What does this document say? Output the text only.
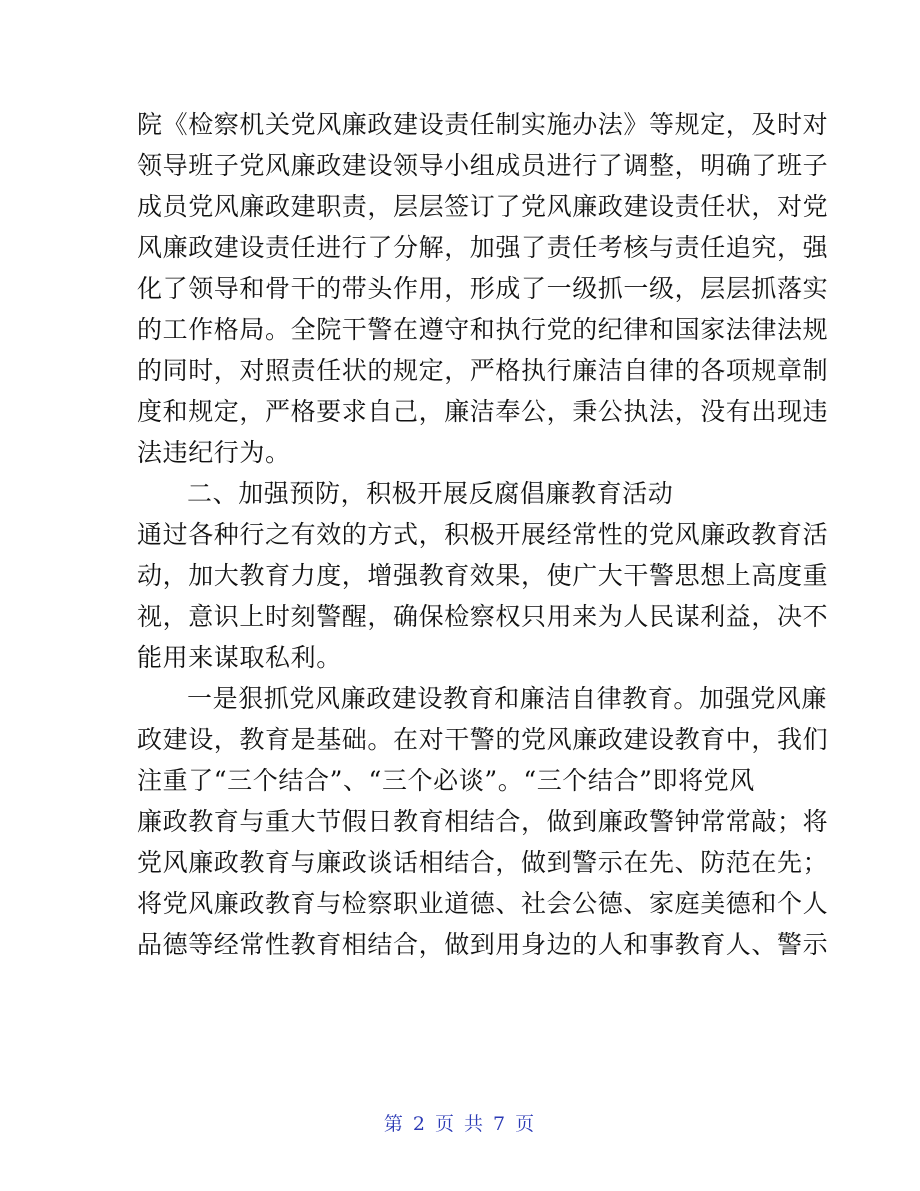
院《检察机关党风廉政建设责任制实施办法》等规定，及时对
领导班子党风廉政建设领导小组成员进行了调整，明确了班子
成员党风廉政建职责，层层签订了党风廉政建设责任状，对党
风廉政建设责任进行了分解，加强了责任考核与责任追究，强
化了领导和骨干的带头作用，形成了一级抓一级，层层抓落实
的工作格局。全院干警在遵守和执行党的纪律和国家法律法规
的同时，对照责任状的规定，严格执行廉洁自律的各项规章制
度和规定，严格要求自己，廉洁奉公，秉公执法，没有出现违
法违纪行为。
二、加强预防，积极开展反腐倡廉教育活动
通过各种行之有效的方式，积极开展经常性的党风廉政教育活
动，加大教育力度，增强教育效果，使广大干警思想上高度重
视，意识上时刻警醒，确保检察权只用来为人民谋利益，决不
能用来谋取私利。
一是狠抓党风廉政建设教育和廉洁自律教育。加强党风廉
政建设，教育是基础。在对干警的党风廉政建设教育中，我们
注重了“三个结合”、“三个必谈”。“三个结合”即将党风
廉政教育与重大节假日教育相结合，做到廉政警钟常常敲；将
党风廉政教育与廉政谈话相结合，做到警示在先、防范在先；
将党风廉政教育与检察职业道德、社会公德、家庭美德和个人
品德等经常性教育相结合，做到用身边的人和事教育人、警示
第 2 页 共 7 页
